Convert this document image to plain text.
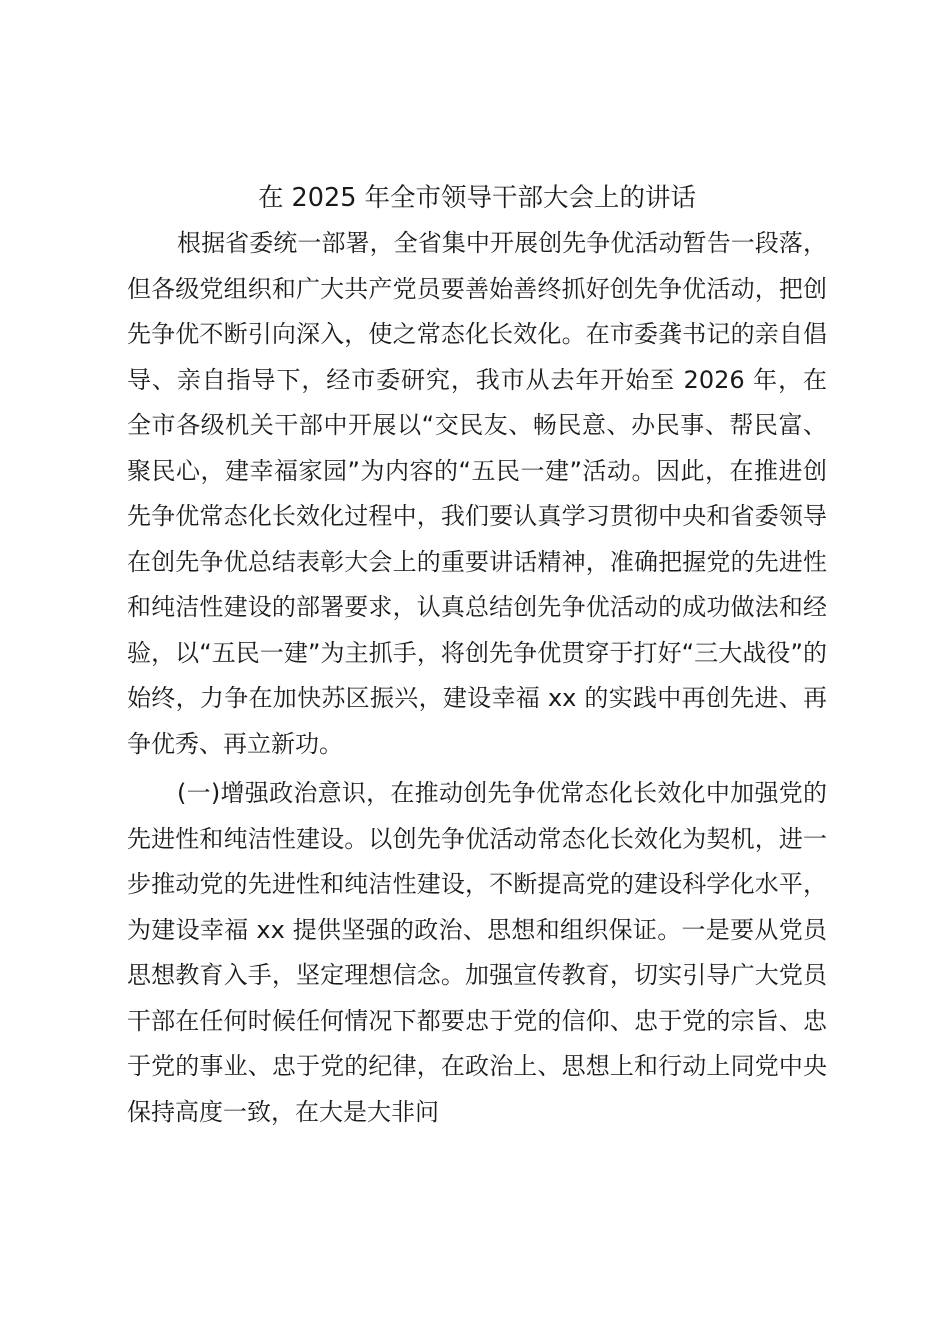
在 2025 年全市领导干部大会上的讲话

根据省委统一部署，全省集中开展创先争优活动暂告一段落，但各级党组织和广大共产党员要善始善终抓好创先争优活动，把创先争优不断引向深入，使之常态化长效化。在市委龚书记的亲自倡导、亲自指导下，经市委研究，我市从去年开始至 2026 年，在全市各级机关干部中开展以“交民友、畅民意、办民事、帮民富、聚民心，建幸福家园”为内容的“五民一建”活动。因此，在推进创先争优常态化长效化过程中，我们要认真学习贯彻中央和省委领导在创先争优总结表彰大会上的重要讲话精神，准确把握党的先进性和纯洁性建设的部署要求，认真总结创先争优活动的成功做法和经验，以“五民一建”为主抓手，将创先争优贯穿于打好“三大战役”的始终，力争在加快苏区振兴，建设幸福 xx 的实践中再创先进、再争优秀、再立新功。

(一)增强政治意识，在推动创先争优常态化长效化中加强党的先进性和纯洁性建设。以创先争优活动常态化长效化为契机，进一步推动党的先进性和纯洁性建设，不断提高党的建设科学化水平，为建设幸福 xx 提供坚强的政治、思想和组织保证。一是要从党员思想教育入手，坚定理想信念。加强宣传教育，切实引导广大党员干部在任何时候任何情况下都要忠于党的信仰、忠于党的宗旨、忠于党的事业、忠于党的纪律，在政治上、思想上和行动上同党中央保持高度一致，在大是大非问
